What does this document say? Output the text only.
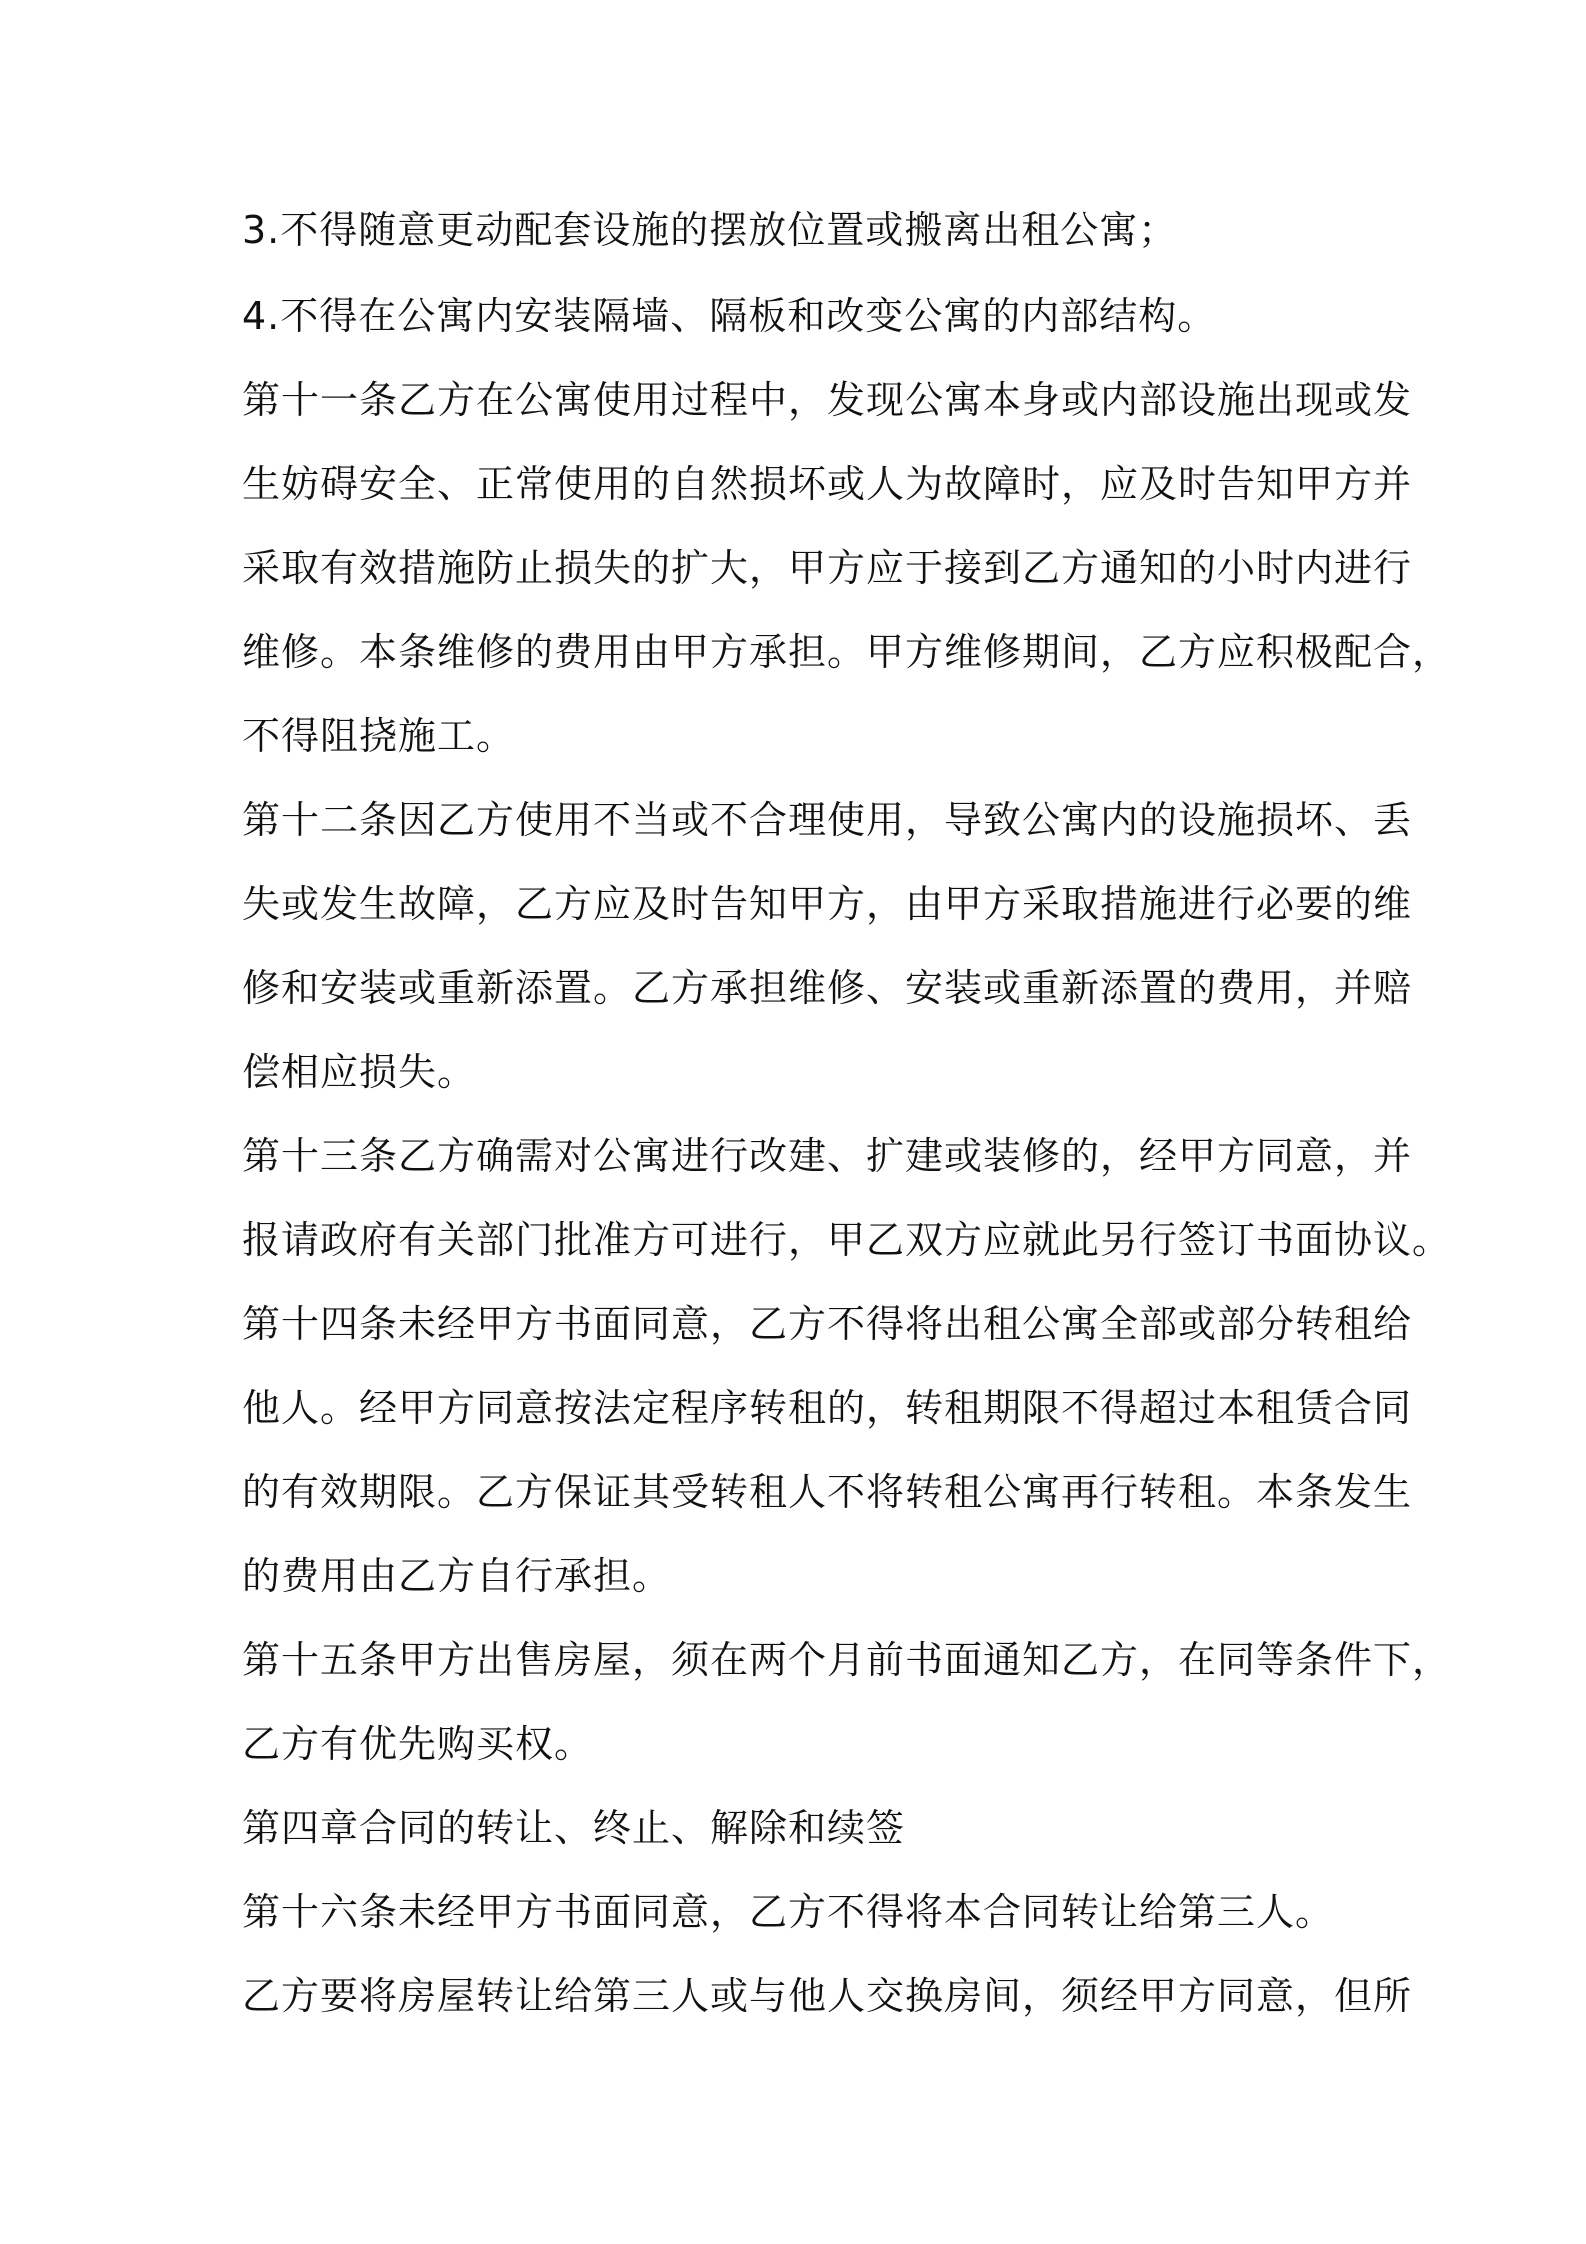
3.不得随意更动配套设施的摆放位置或搬离出租公寓；
4.不得在公寓内安装隔墙、隔板和改变公寓的内部结构。
第十一条乙方在公寓使用过程中，发现公寓本身或内部设施出现或发
生妨碍安全、正常使用的自然损坏或人为故障时，应及时告知甲方并
采取有效措施防止损失的扩大，甲方应于接到乙方通知的小时内进行
维修。本条维修的费用由甲方承担。甲方维修期间，乙方应积极配合，
不得阻挠施工。
第十二条因乙方使用不当或不合理使用，导致公寓内的设施损坏、丢
失或发生故障，乙方应及时告知甲方，由甲方采取措施进行必要的维
修和安装或重新添置。乙方承担维修、安装或重新添置的费用，并赔
偿相应损失。
第十三条乙方确需对公寓进行改建、扩建或装修的，经甲方同意，并
报请政府有关部门批准方可进行，甲乙双方应就此另行签订书面协议。
第十四条未经甲方书面同意，乙方不得将出租公寓全部或部分转租给
他人。经甲方同意按法定程序转租的，转租期限不得超过本租赁合同
的有效期限。乙方保证其受转租人不将转租公寓再行转租。本条发生
的费用由乙方自行承担。
第十五条甲方出售房屋，须在两个月前书面通知乙方，在同等条件下，
乙方有优先购买权。
第四章合同的转让、终止、解除和续签
第十六条未经甲方书面同意，乙方不得将本合同转让给第三人。
乙方要将房屋转让给第三人或与他人交换房间，须经甲方同意，但所
